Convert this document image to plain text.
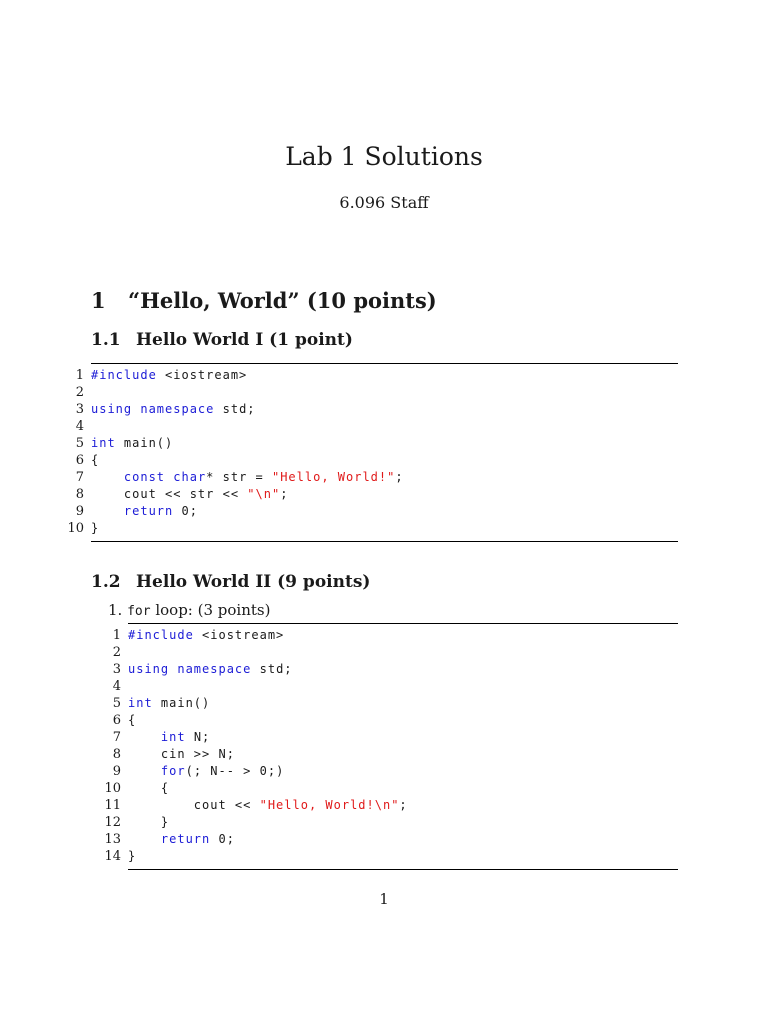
Lab 1 Solutions
6.096 Staff
1 “Hello, World” (10 points)
1.1 Hello World I (1 point)
1 #include <iostream>
2
3 using namespace std;
4
5 int main()
6 {
7	const char* str = "Hello, World!";
8 cout << str << "\n";
9	return 0;
10 }
1.2 Hello World II (9 points)
1. for loop: (3 points)
1 #include <iostream>
2
3 using namespace std;
4
5 int main()
6 {
7	int N;
8 cin >> N;
9	for(; N-- > 0;)
10 {
11 cout << "Hello, World!\n";
12 }
13	return 0;
14 }
1
